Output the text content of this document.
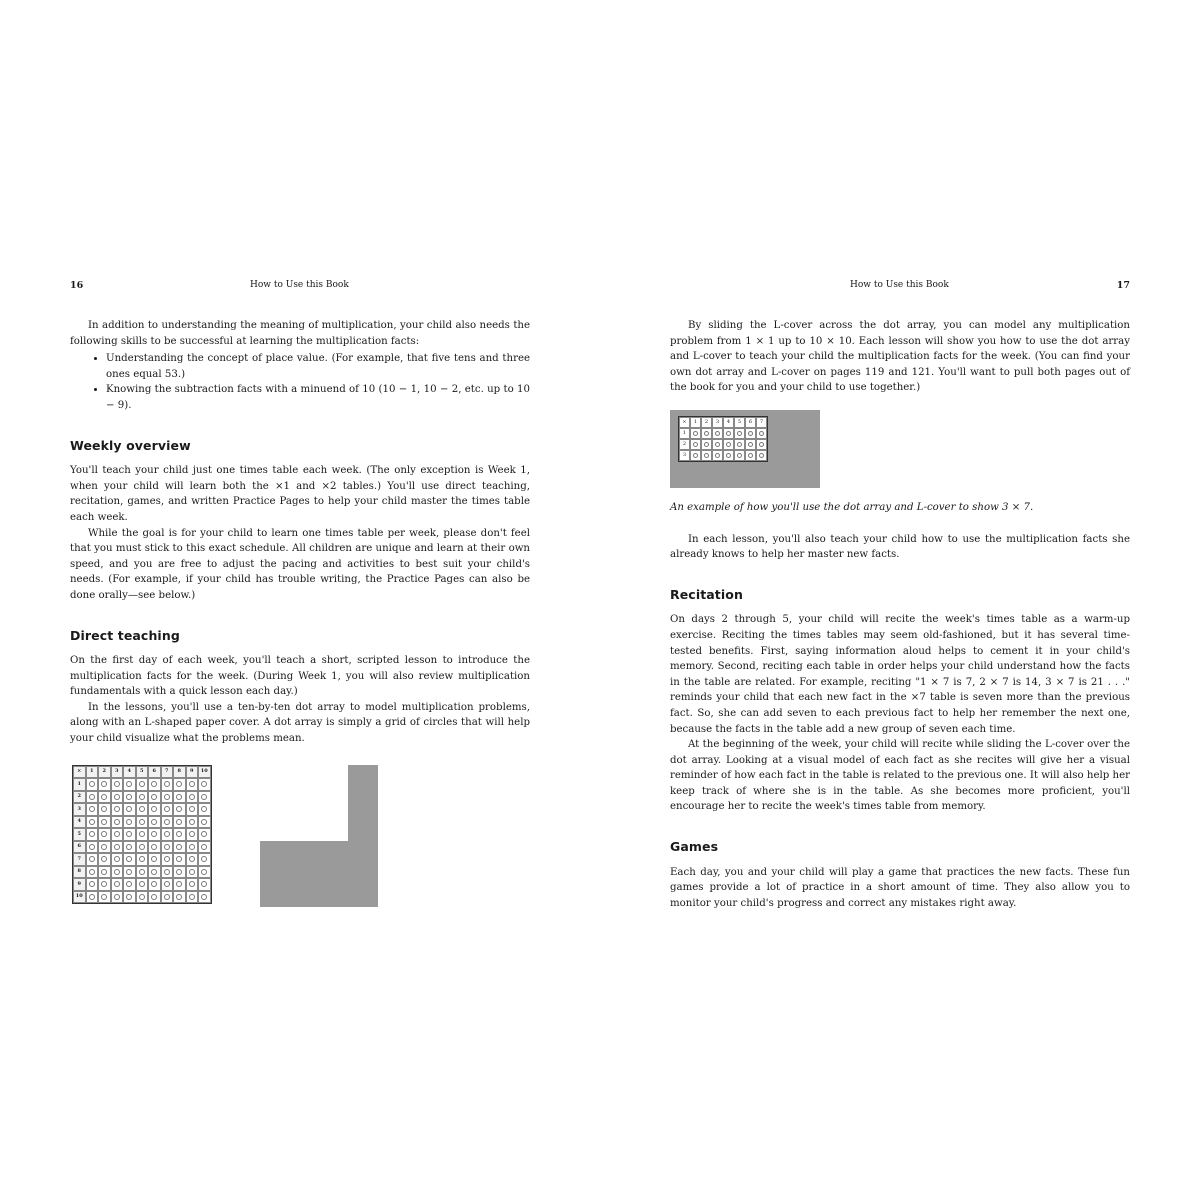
16	How to Use this Book

In addition to understanding the meaning of multiplication, your child also needs the following skills to be successful at learning the multiplication facts:

• Understanding the concept of place value. (For example, that five tens and three ones equal 53.)
• Knowing the subtraction facts with a minuend of 10 (10 − 1, 10 − 2, etc. up to 10 − 9).
Weekly overview

You'll teach your child just one times table each week. (The only exception is Week 1, when your child will learn both the ×1 and ×2 tables.) You'll use direct teaching, recitation, games, and written Practice Pages to help your child master the times table each week.

While the goal is for your child to learn one times table per week, please don't feel that you must stick to this exact schedule. All children are unique and learn at their own speed, and you are free to adjust the pacing and activities to best suit your child's needs. (For example, if your child has trouble writing, the Practice Pages can also be done orally—see below.)

Direct teaching

On the first day of each week, you'll teach a short, scripted lesson to introduce the multiplication facts for the week. (During Week 1, you will also review multiplication fundamentals with a quick lesson each day.)

In the lessons, you'll use a ten-by-ten dot array to model multiplication problems, along with an L-shaped paper cover. A dot array is simply a grid of circles that will help your child visualize what the problems mean.

×	1	2	3	4	5	6	7	8	9	10
1
2
3
4
5
6
7
8
9
10
How to Use this Book	17

By sliding the L-cover across the dot array, you can model any multiplication problem from 1 × 1 up to 10 × 10. Each lesson will show you how to use the dot array and L-cover to teach your child the multiplication facts for the week. (You can find your own dot array and L-cover on pages 119 and 121. You'll want to pull both pages out of the book for you and your child to use together.)

×	1	2	3	4	5	6	7
1
2
3

An example of how you'll use the dot array and L-cover to show 3 × 7.

In each lesson, you'll also teach your child how to use the multiplication facts she already knows to help her master new facts.

Recitation

On days 2 through 5, your child will recite the week's times table as a warm-up exercise. Reciting the times tables may seem old-fashioned, but it has several time-tested benefits. First, saying information aloud helps to cement it in your child's memory. Second, reciting each table in order helps your child understand how the facts in the table are related. For example, reciting "1 × 7 is 7, 2 × 7 is 14, 3 × 7 is 21 . . ." reminds your child that each new fact in the ×7 table is seven more than the previous fact. So, she can add seven to each previous fact to help her remember the next one, because the facts in the table add a new group of seven each time.

At the beginning of the week, your child will recite while sliding the L-cover over the dot array. Looking at a visual model of each fact as she recites will give her a visual reminder of how each fact in the table is related to the previous one. It will also help her keep track of where she is in the table. As she becomes more proficient, you'll encourage her to recite the week's times table from memory.

Games

Each day, you and your child will play a game that practices the new facts. These fun games provide a lot of practice in a short amount of time. They also allow you to monitor your child's progress and correct any mistakes right away.
